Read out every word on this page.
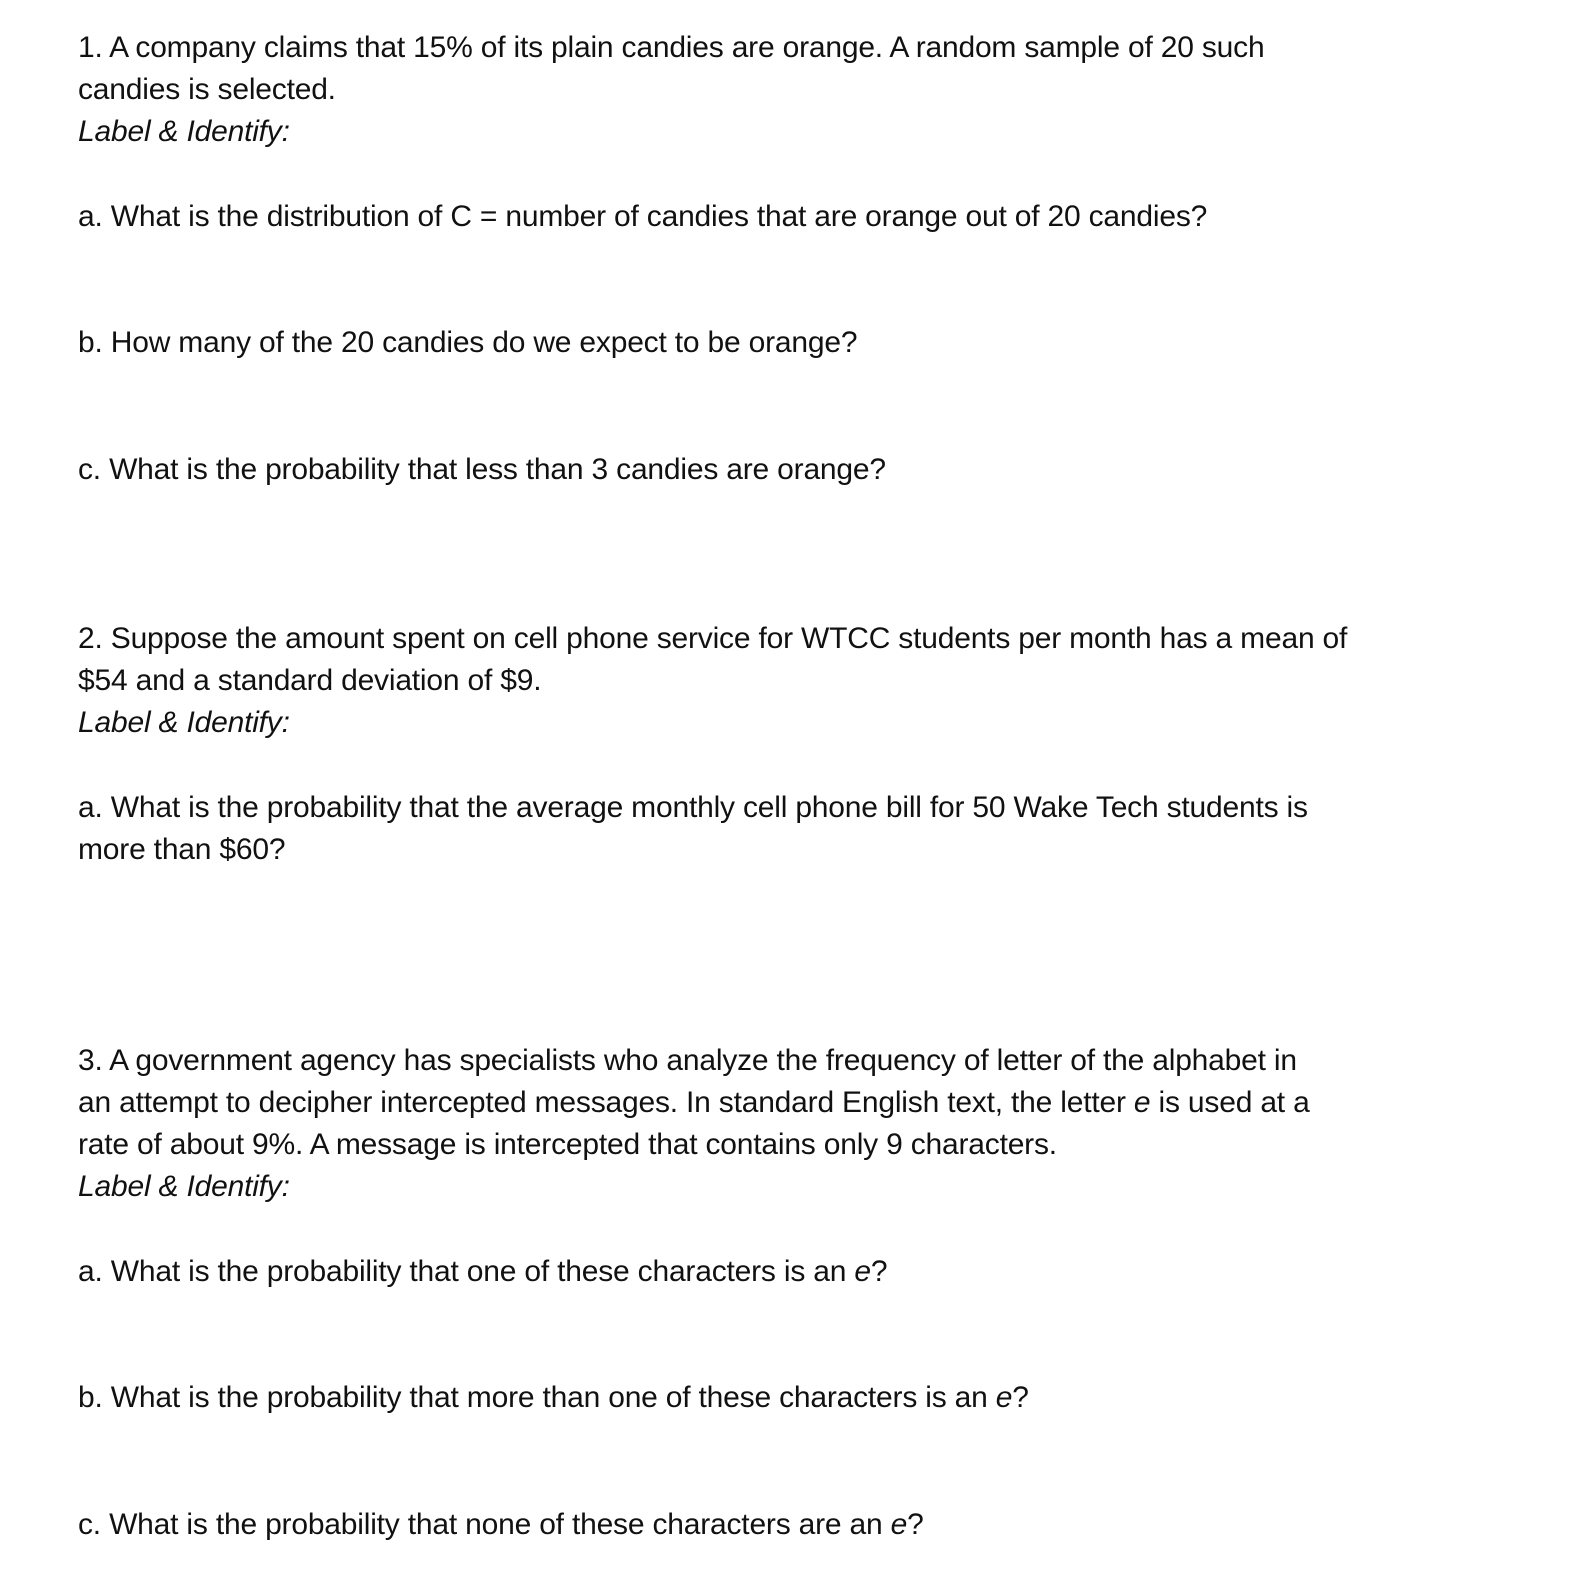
1. A company claims that 15% of its plain candies are orange. A random sample of 20 such
candies is selected.
Label & Identify:
a. What is the distribution of C = number of candies that are orange out of 20 candies?
b. How many of the 20 candies do we expect to be orange?
c. What is the probability that less than 3 candies are orange?
2. Suppose the amount spent on cell phone service for WTCC students per month has a mean of
$54 and a standard deviation of $9.
Label & Identify:
a. What is the probability that the average monthly cell phone bill for 50 Wake Tech students is
more than $60?
3. A government agency has specialists who analyze the frequency of letter of the alphabet in
an attempt to decipher intercepted messages. In standard English text, the letter e is used at a
rate of about 9%. A message is intercepted that contains only 9 characters.
Label & Identify:
a. What is the probability that one of these characters is an e?
b. What is the probability that more than one of these characters is an e?
c. What is the probability that none of these characters are an e?
